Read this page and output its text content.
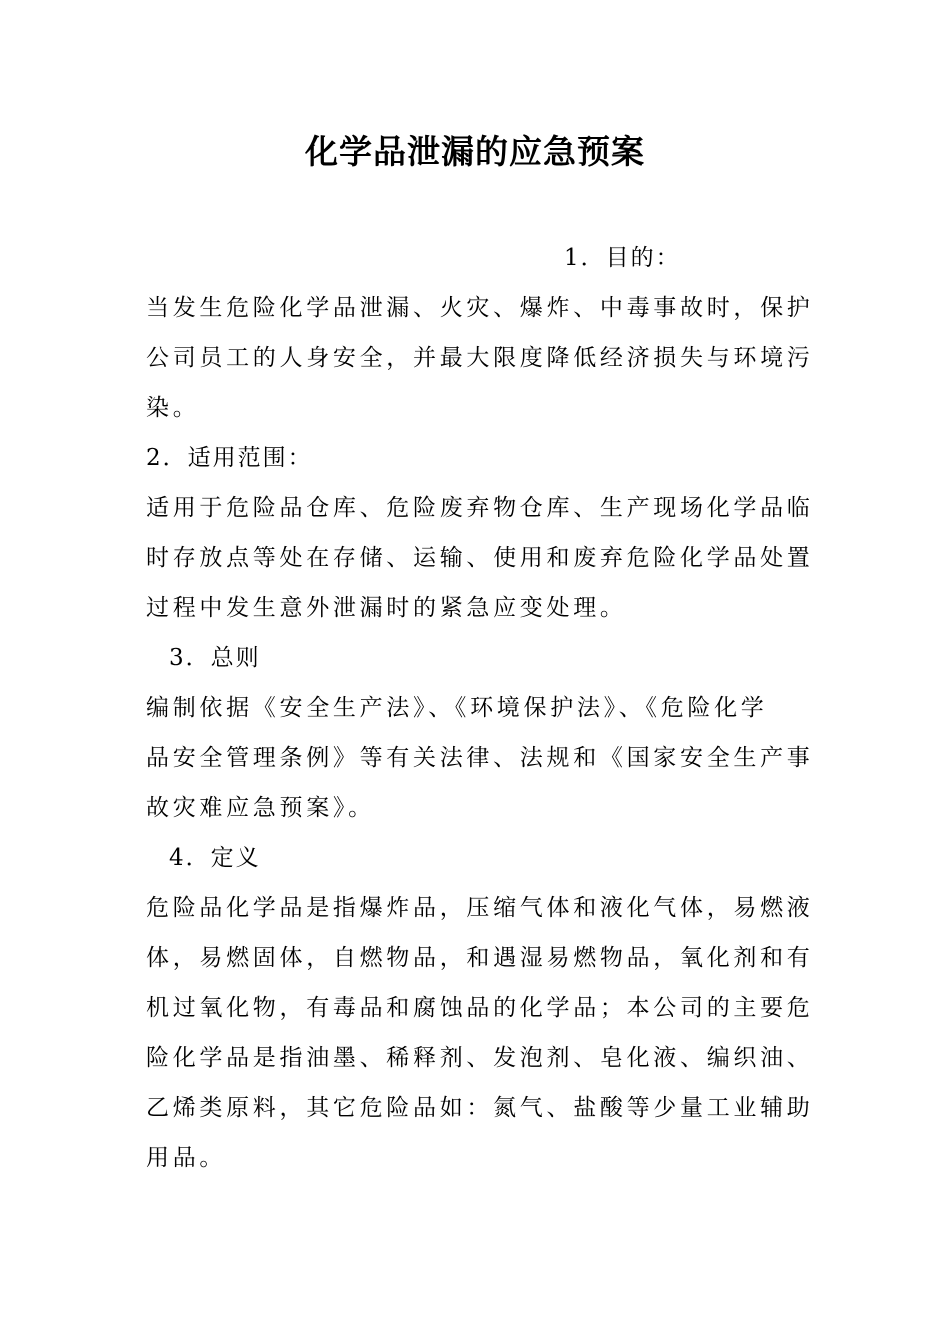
化学品泄漏的应急预案
1．目的：
当发生危险化学品泄漏、火灾、爆炸、中毒事故时，保护
公司员工的人身安全，并最大限度降低经济损失与环境污
染。
2．适用范围：
适用于危险品仓库、危险废弃物仓库、生产现场化学品临
时存放点等处在存储、运输、使用和废弃危险化学品处置
过程中发生意外泄漏时的紧急应变处理。
3．总则
编制依据《安全生产法》、《环境保护法》、《危险化学
品安全管理条例》等有关法律、法规和《国家安全生产事
故灾难应急预案》。
4．定义
危险品化学品是指爆炸品，压缩气体和液化气体，易燃液
体，易燃固体，自燃物品，和遇湿易燃物品，氧化剂和有
机过氧化物，有毒品和腐蚀品的化学品；本公司的主要危
险化学品是指油墨、稀释剂、发泡剂、皂化液、编织油、
乙烯类原料，其它危险品如：氮气、盐酸等少量工业辅助
用品。
